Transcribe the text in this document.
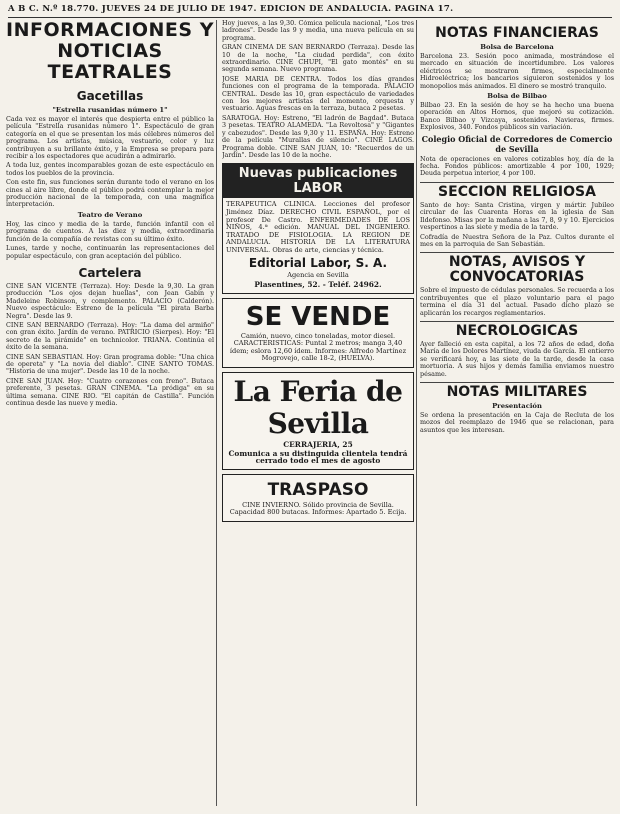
A B C. N.º 18.770. JUEVES 24 DE JULIO DE 1947. EDICION DE ANDALUCIA. PAGINA 17.
INFORMACIONES Y NOTICIAS
TEATRALES
Gacetillas
"Estrella rusanidas número 1"

Cada vez es mayor el interés que despierta entre el público la película "Estrella rusanidas número 1". Espectáculo de gran categoría en el que se presentan los más célebres números del programa. Los artistas, música, vestuario, color y luz contribuyen a su brillante éxito, y la Empresa se prepara para recibir a los espectadores que acudirán a admirarlo.

A toda luz, gentes incomparables gozan de este espectáculo en todos los pueblos de la provincia.

Con este fin, sus funciones serán durante todo el verano en los cines al aire libre, donde el público podrá contemplar la mejor producción nacional de la temporada, con una magnífica interpretación.

Teatro de Verano

Hoy, las cinco y media de la tarde, función infantil con el programa de cuentos. A las diez y media, extraordinaria función de la compañía de revistas con su último éxito.

Lunes, tarde y noche, continuarán las representaciones del popular espectáculo, con gran aceptación del público.

Cartelera

CINE SAN VICENTE (Terraza). Hoy: Desde la 9,30. La gran producción "Los ojos dejan huellas", con Jean Gabin y Madeleine Robinson, y complemento. PALACIO (Calderón). Nuevo espectáculo: Estreno de la película "El pirata Barba Negra". Desde las 9.

CINE SAN BERNARDO (Terraza). Hoy: "La dama del armiño" con gran éxito. Jardín de verano. PATRICIO (Sierpes). Hoy: "El secreto de la pirámide" en technicolor. TRIANA. Continúa el éxito de la semana.

CINE SAN SEBASTIAN. Hoy: Gran programa doble: "Una chica de opereta" y "La novia del diablo". CINE SANTO TOMAS. "Historia de una mujer". Desde las 10 de la noche.

CINE SAN JUAN. Hoy: "Cuatro corazones con freno". Butaca preferente, 3 pesetas. GRAN CINEMA. "La pródiga" en su última semana. CINE RIO. "El capitán de Castilla". Función continua desde las nueve y media.

Hoy jueves, a las 9,30. Cómica película nacional, "Los tres ladrones". Desde las 9 y media, una nueva película en su programa.

GRAN CINEMA DE SAN BERNARDO (Terraza). Desde las 10 de la noche, "La ciudad perdida", con éxito extraordinario. CINE CHUPI, "El gato montés" en su segunda semana. Nuevo programa.

JOSE MARIA DE CENTRA. Todos los días grandes funciones con el programa de la temporada. PALACIO CENTRAL. Desde las 10, gran espectáculo de variedades con los mejores artistas del momento, orquesta y vestuario. Aguas frescas en la terraza, butaca 2 pesetas.

SARATOGA. Hoy: Estreno, "El ladrón de Bagdad". Butaca 3 pesetas. TEATRO ALAMEDA. "La Revoltosa" y "Gigantes y cabezudos". Desde las 9,30 y 11. ESPAÑA. Hoy: Estreno de la película "Murallas de silencio". CINE LAGOS. Programa doble. CINE SAN JUAN, 10: "Recuerdos de un Jardín". Desde las 10 de la noche.

Nuevas publicaciones LABOR
TERAPEUTICA CLINICA. Lecciones del profesor Jiménez Díaz. DERECHO CIVIL ESPAÑOL, por el profesor De Castro. ENFERMEDADES DE LOS NIÑOS, 4.ª edición. MANUAL DEL INGENIERO. TRATADO DE FISIOLOGIA. LA REGION DE ANDALUCIA. HISTORIA DE LA LITERATURA UNIVERSAL. Obras de arte, ciencias y técnica.
Editorial Labor, S. A.
Agencia en Sevilla
Plasentines, 52. - Teléf. 24962.
SE VENDE
Camión, nuevo, cinco toneladas, motor diesel. CARACTERISTICAS: Puntal 2 metros; manga 3,40 ídem; eslora 12,60 ídem. Informes: Alfredo Martínez Mogrovejo, calle 18-2, (HUELVA).
La Feria de Sevilla
CERRAJERIA, 25
Comunica a su distinguida clientela tendrá cerrado todo el mes de agosto
TRASPASO
CINE INVIERNO. Sólido provincia de Sevilla. Capacidad 800 butacas. Informes: Apartado 5. Ecija.
NOTAS FINANCIERAS
Bolsa de Barcelona

Barcelona 23. Sesión poco animada, mostrándose el mercado en situación de incertidumbre. Los valores eléctricos se mostraron firmes, especialmente Hidroeléctrica; los bancarios siguieron sostenidos y los monopolios más animados. El dinero se mostró tranquilo.

Bolsa de Bilbao

Bilbao 23. En la sesión de hoy se ha hecho una buena operación en Altos Hornos, que mejoró su cotización. Banco Bilbao y Vizcaya, sostenidos. Navieras, firmes. Explosivos, 340. Fondos públicos sin variación.

Colegio Oficial de Corredores de Comercio de Sevilla

Nota de operaciones en valores cotizables hoy, día de la fecha. Fondos públicos: amortizable 4 por 100, 1929; Deuda perpetua interior, 4 por 100.

SECCION RELIGIOSA

Santo de hoy: Santa Cristina, virgen y mártir. Jubileo circular de las Cuarenta Horas en la iglesia de San Ildefonso. Misas por la mañana a las 7, 8, 9 y 10. Ejercicios vespertinos a las siete y media de la tarde.

Cofradía de Nuestra Señora de la Paz. Cultos durante el mes en la parroquia de San Sebastián.

NOTAS, AVISOS Y CONVOCATORIAS

Sobre el impuesto de cédulas personales. Se recuerda a los contribuyentes que el plazo voluntario para el pago termina el día 31 del actual. Pasado dicho plazo se aplicarán los recargos reglamentarios.

NECROLOGICAS

Ayer falleció en esta capital, a los 72 años de edad, doña María de los Dolores Martínez, viuda de García. El entierro se verificará hoy, a las siete de la tarde, desde la casa mortuoria. A sus hijos y demás familia enviamos nuestro pésame.

NOTAS MILITARES
Presentación

Se ordena la presentación en la Caja de Recluta de los mozos del reemplazo de 1946 que se relacionan, para asuntos que les interesan.
